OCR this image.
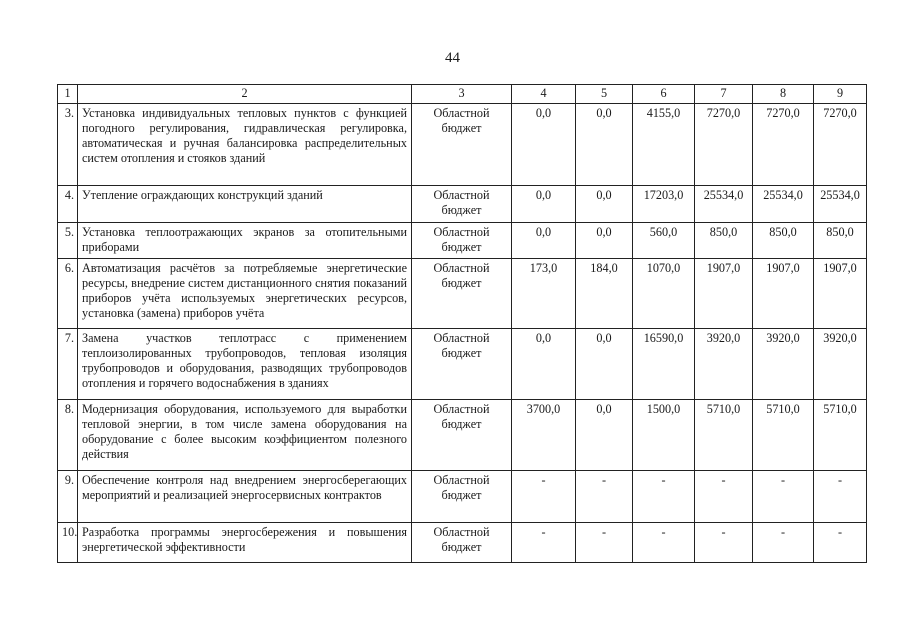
44
1	2	3	4	5	6	7	8	9
3.	Установка индивидуальных тепловых пунктов с функцией погодного регулирования, гидравлическая регулировка, автоматическая и ручная балансировка распределительных систем отопления и стояков зданий	Областной бюджет	0,0	0,0	4155,0	7270,0	7270,0	7270,0
4.	Утепление ограждающих конструкций зданий	Областной бюджет	0,0	0,0	17203,0	25534,0	25534,0	25534,0
5.	Установка теплоотражающих экранов за отопительными приборами	Областной бюджет	0,0	0,0	560,0	850,0	850,0	850,0
6.	Автоматизация расчётов за потребляемые энергетические ресурсы, внедрение систем дистанционного снятия показаний приборов учёта используемых энергетических ресурсов, установка (замена) приборов учёта	Областной бюджет	173,0	184,0	1070,0	1907,0	1907,0	1907,0
7.	Замена участков теплотрасс с применением теплоизолированных трубопроводов, тепловая изоляция трубопроводов и оборудования, разводящих трубопроводов отопления и горячего водоснабжения в зданиях	Областной бюджет	0,0	0,0	16590,0	3920,0	3920,0	3920,0
8.	Модернизация оборудования, используемого для выработки тепловой энергии, в том числе замена оборудования на оборудование с более высоким коэффициентом полезного действия	Областной бюджет	3700,0	0,0	1500,0	5710,0	5710,0	5710,0
9.	Обеспечение контроля над внедрением энергосберегающих мероприятий и реализацией энергосервисных контрактов	Областной бюджет	-	-	-	-	-	-
10.	Разработка программы энергосбережения и повышения энергетической эффективности	Областной бюджет	-	-	-	-	-	-
